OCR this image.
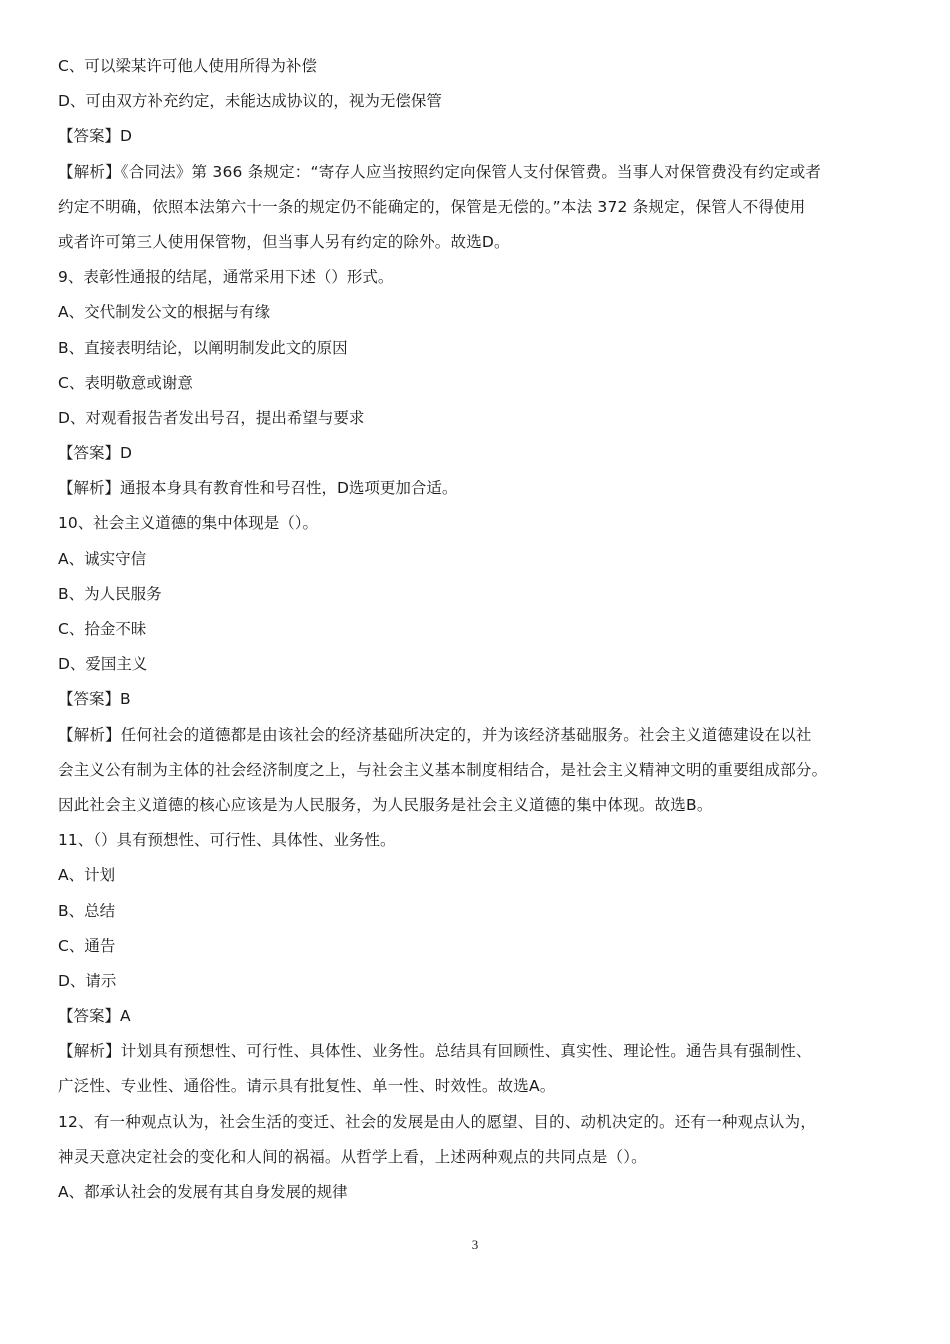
C、可以梁某许可他人使用所得为补偿
D、可由双方补充约定，未能达成协议的，视为无偿保管
【答案】D
【解析】《合同法》第 366 条规定：“寄存人应当按照约定向保管人支付保管费。当事人对保管费没有约定或者
约定不明确，依照本法第六十一条的规定仍不能确定的，保管是无偿的。”本法 372 条规定，保管人不得使用
或者许可第三人使用保管物，但当事人另有约定的除外。故选D。
9、表彰性通报的结尾，通常采用下述（）形式。
A、交代制发公文的根据与有缘
B、直接表明结论，以阐明制发此文的原因
C、表明敬意或谢意
D、对观看报告者发出号召，提出希望与要求
【答案】D
【解析】通报本身具有教育性和号召性，D选项更加合适。
10、社会主义道德的集中体现是（）。
A、诚实守信
B、为人民服务
C、拾金不昧
D、爱国主义
【答案】B
【解析】任何社会的道德都是由该社会的经济基础所决定的，并为该经济基础服务。社会主义道德建设在以社
会主义公有制为主体的社会经济制度之上，与社会主义基本制度相结合，是社会主义精神文明的重要组成部分。
因此社会主义道德的核心应该是为人民服务，为人民服务是社会主义道德的集中体现。故选B。
11、（）具有预想性、可行性、具体性、业务性。
A、计划
B、总结
C、通告
D、请示
【答案】A
【解析】计划具有预想性、可行性、具体性、业务性。总结具有回顾性、真实性、理论性。通告具有强制性、
广泛性、专业性、通俗性。请示具有批复性、单一性、时效性。故选A。
12、有一种观点认为，社会生活的变迁、社会的发展是由人的愿望、目的、动机决定的。还有一种观点认为，
神灵天意决定社会的变化和人间的祸福。从哲学上看，上述两种观点的共同点是（）。
A、都承认社会的发展有其自身发展的规律
3
